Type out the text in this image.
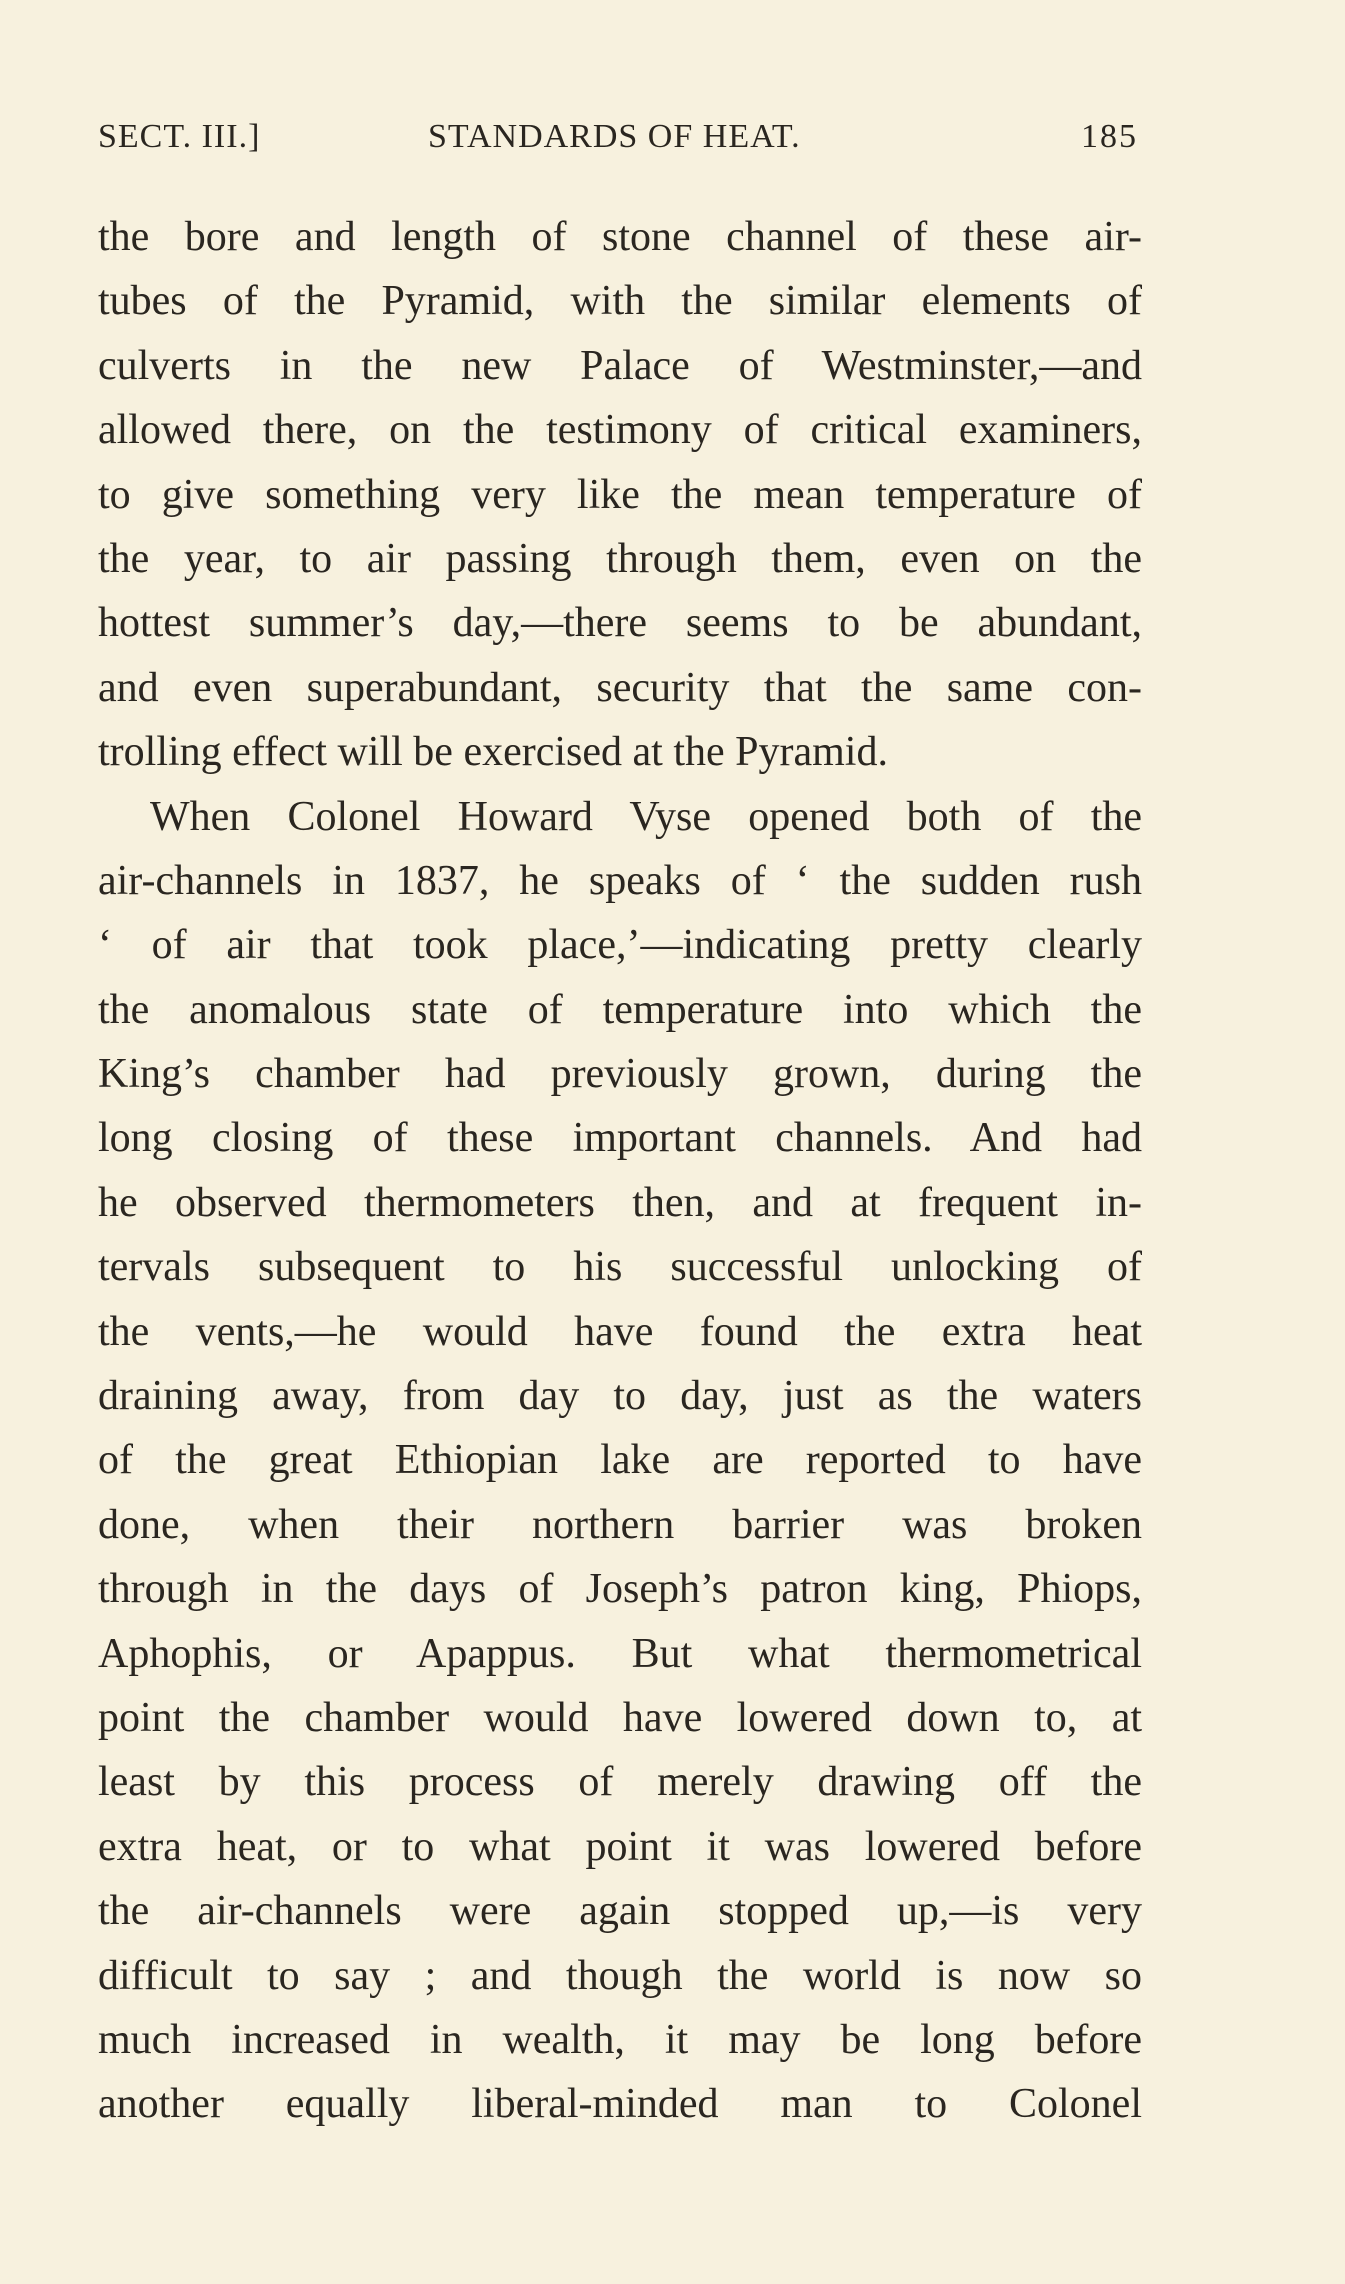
SECT. III.]	STANDARDS OF HEAT.	185
the bore and length of stone channel of these air-
tubes of the Pyramid, with the similar elements of
culverts in the new Palace of Westminster,—and
allowed there, on the testimony of critical examiners,
to give something very like the mean temperature of
the year, to air passing through them, even on the
hottest summer’s day,—there seems to be abundant,
and even superabundant, security that the same con-
trolling effect will be exercised at the Pyramid.
When Colonel Howard Vyse opened both of the
air-channels in 1837, he speaks of ‘ the sudden rush
‘ of air that took place,’—indicating pretty clearly
the anomalous state of temperature into which the
King’s chamber had previously grown, during the
long closing of these important channels. And had
he observed thermometers then, and at frequent in-
tervals subsequent to his successful unlocking of
the vents,—he would have found the extra heat
draining away, from day to day, just as the waters
of the great Ethiopian lake are reported to have
done, when their northern barrier was broken
through in the days of Joseph’s patron king, Phiops,
Aphophis, or Apappus. But what thermometrical
point the chamber would have lowered down to, at
least by this process of merely drawing off the
extra heat, or to what point it was lowered before
the air-channels were again stopped up,—is very
difficult to say ; and though the world is now so
much increased in wealth, it may be long before
another equally liberal-minded man to Colonel
